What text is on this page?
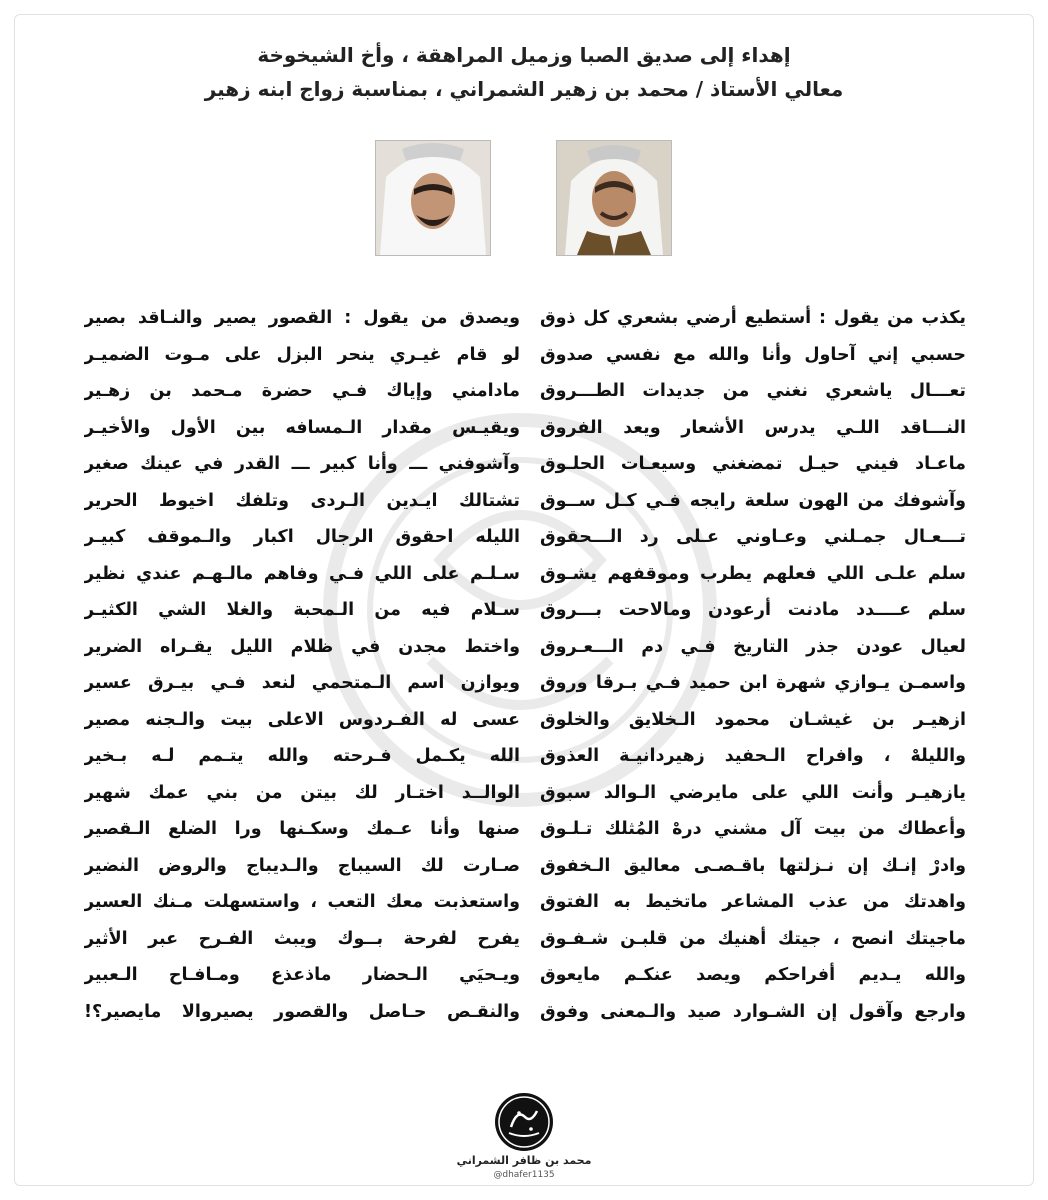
إهداء إلى صديق الصبا وزميل المراهقة ، وأخ الشيخوخة
معالي الأستاذ / محمد بن زهير الشمراني ، بمناسبة زواج ابنه زهير
يكذب من يقول : أستطيع أرضي بشعري كل ذوق
حسبي إني آحاول وأنا والله مع نفسي صدوق
تعـــال ياشعري نغني من جديدات الطـــروق
النـــاقد اللـي يدرس الأشعار ويعد الفروق
ماعـاد فيني حيـل تمضغني وسيعـات الحلـوق
وآشوفك من الهون سلعة رايجه فـي كـل ســوق
تـــعـال جمـلني وعـاوني عـلى رد الـــحقوق
سلم علـى اللي فعلهم يطرب وموقفهم يشـوق
سلم عــــدد مادنت أرعودن ومالاحت بـــروق
لعيال عودن جذر التاريخ فـي دم الـــعـروق
واسمـن يـوازي شهرة ابن حميد فـي بـرقا وروق
ازهيـر بن غيشـان محمود الـخلايق والخلوق
والليلهْ ، وافراح الـحفيد زهيردانيـة العذوق
يازهيـر وأنت اللي على مايرضي الـوالد سبوق
وأعطاك من بيت آل مشني درهْ المُثلك تـلـوق
وادرْ إنـك إن نـزلتها باقـصـى معاليق الـخفوق
واهدتك من عذب المشاعر ماتخيط به الفتوق
ماجيتك انصح ، جيتك أهنيك من قلبـن شـفـوق
والله يـديم أفراحكم ويصد عنكـم مايعوق
وارجع وآقول إن الشـوارد صيد والـمعنى وفوق
ويصدق من يقول : القصور يصير والنـاقد بصير
لو قام غيـري ينحر البزل على مـوت الضميـر
مادامني وإياك فـي حضرة مـحمد بن زهـير
ويقيـس مقدار الـمسافه بين الأول والأخيـر
وآشوفني ـــ وأنا كبير ـــ القدر في عينك صغير
تشتالك ايـدين الـردى وتلفك اخيوط الحرير
الليله احقوق الرجال اكبار والـموقف كبيـر
سـلـم على اللي فـي وفاهم مالـهـم عندي نظير
سـلام فيه من الـمحبة والغلا الشي الكثيـر
واختط مجدن في ظلام الليل يقـراه الضرير
ويوازن اسم الـمتحمي لنعد فـي بيـرق عسير
عسى له الفـردوس الاعلى بيت والـجنه مصير
الله يكـمل فـرحته والله يتـمم لـه بـخير
الوالــد اختـار لك بيتن من بني عمك شهير
صنها وأنا عـمك وسكـنها ورا الضلع الـقصير
صـارت لك السيباج والـديباج والروض النضير
واستعذبت معك التعب ، واستسهلت مـنك العسير
يفرح لفرحة بــوك ويبث الفـرح عبر الأثير
ويـحيَي الـحضار ماذعذع ومـافـاح الـعبير
والنقـص حـاصل والقصور يصيروالا مايصير؟!
محمد بن ظافر الشمراني
@dhafer1135
